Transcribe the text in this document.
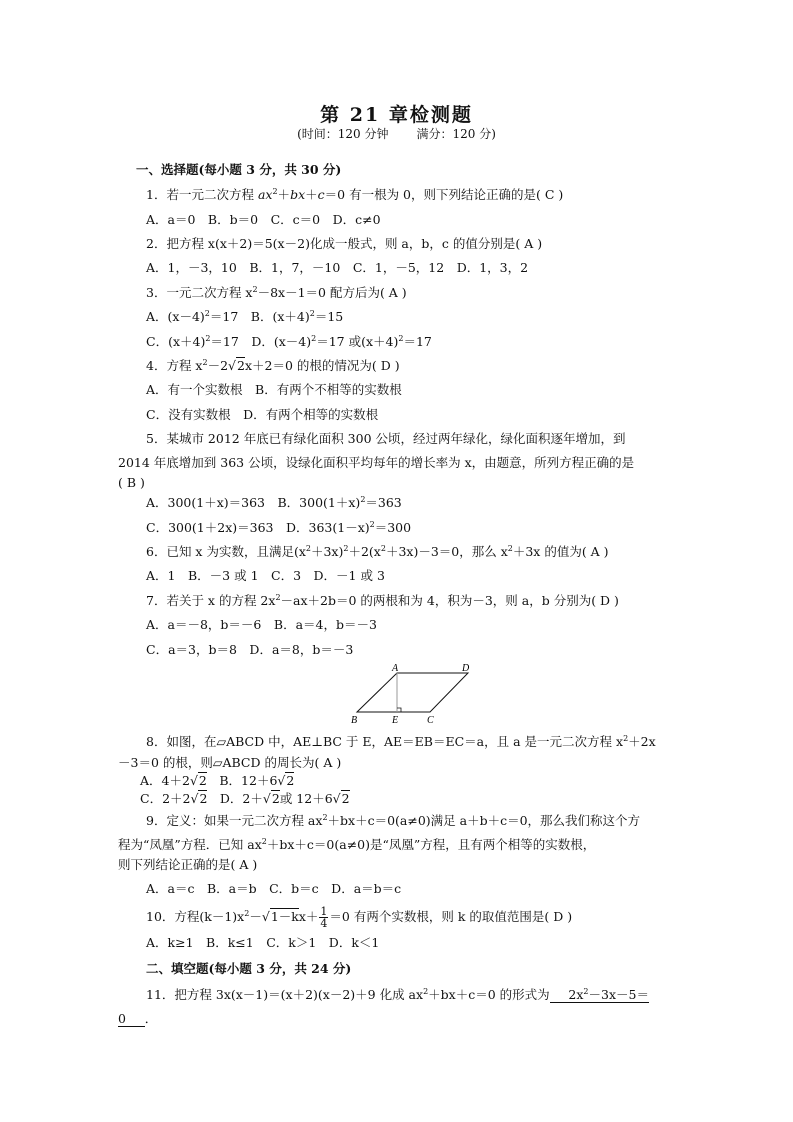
第 21 章检测题
(时间：120 分钟 满分：120 分)
一、选择题(每小题 3 分，共 30 分)
1．若一元二次方程 $ax^2+bx+c=0$ 有一根为 0，则下列结论正确的是( C )
A．a＝0　B．b＝0　C．c＝0　D．c≠0
2．把方程 x(x＋2)＝5(x－2)化成一般式，则 a，b，c 的值分别是( A )
A．1，－3，10　B．1，7，－10　C．1，－5，12　D．1，3，2
3．一元二次方程 $x^2-8x-1=0$ 配方后为( A )
A．$(x-4)^2=17$　B．$(x+4)^2=15$
C．$(x+4)^2=17$　D．$(x-4)^2=17$ 或$(x+4)^2=17$
4．方程 $x^2-2√2x+2=0$ 的根的情况为( D )
A．有一个实数根　B．有两个不相等的实数根
C．没有实数根　D．有两个相等的实数根
5．某城市 2012 年底已有绿化面积 300 公顷，经过两年绿化，绿化面积逐年增加，到
2014 年底增加到 363 公顷，设绿化面积平均每年的增长率为 x，由题意，所列方程正确的是
( B )
A．300(1＋x)＝363　B．$300(1+x)^2=363$
C．300(1＋2x)＝363　D．$363(1-x)^2=300$
6．已知 x 为实数，且满足$(x^2+3x)^2+2(x^2+3x)-3=0$，那么 $x^2+3x$ 的值为( A )
A．1　B．－3 或 1　C．3　D．－1 或 3
7．若关于 x 的方程 $2x^2-ax+2b=0$ 的两根和为 4，积为－3，则 a，b 分别为( D )
A．a＝－8，b＝－6　B．a＝4，b＝－3
C．a＝3，b＝8　D．a＝8，b＝－3
A	D
B	E	C
8．如图，在▱ABCD 中，AE⊥BC 于 E，AE＝EB＝EC＝a，且 a 是一元二次方程 $x^2+2x$
－3＝0 的根，则▱ABCD 的周长为( A )
A．4＋2√2　B．12＋6√2
C．2＋2√2　D．2＋√2或 12＋6√2
9．定义：如果一元二次方程 $ax^2+bx+c=0(a\ne 0)$满足 a＋b＋c＝0，那么我们称这个方
程为“凤凰”方程．已知 $ax^2+bx+c=0(a\ne 0)$是“凤凰”方程，且有两个相等的实数根，
则下列结论正确的是( A )
A．a＝c　B．a＝b　C．b＝c　D．a＝b＝c
10．方程$(k-1)x^2-√1-kx+ \frac{1}{4} =0$ 有两个实数根，则 k 的取值范围是( D )
A．k≥1　B．k≤1　C．k＞1　D．k＜1
二、填空题(每小题 3 分，共 24 分)
11．把方程 3x(x－1)＝(x＋2)(x－2)＋9 化成 $ax^2+bx+c=0$ 的形式为   $2x^2-3x-5=$
0   ．
